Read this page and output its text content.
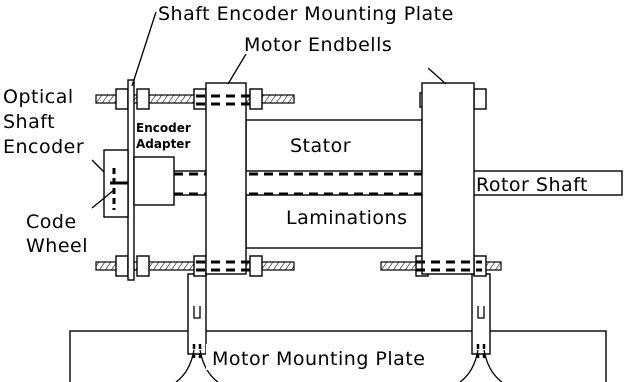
Shaft Encoder Mounting Plate
Motor Endbells
Optical
Shaft
Encoder
Encoder
Adapter	Stator
Rotor Shaft
Code
Wheel
Laminations
Motor Mounting Plate
